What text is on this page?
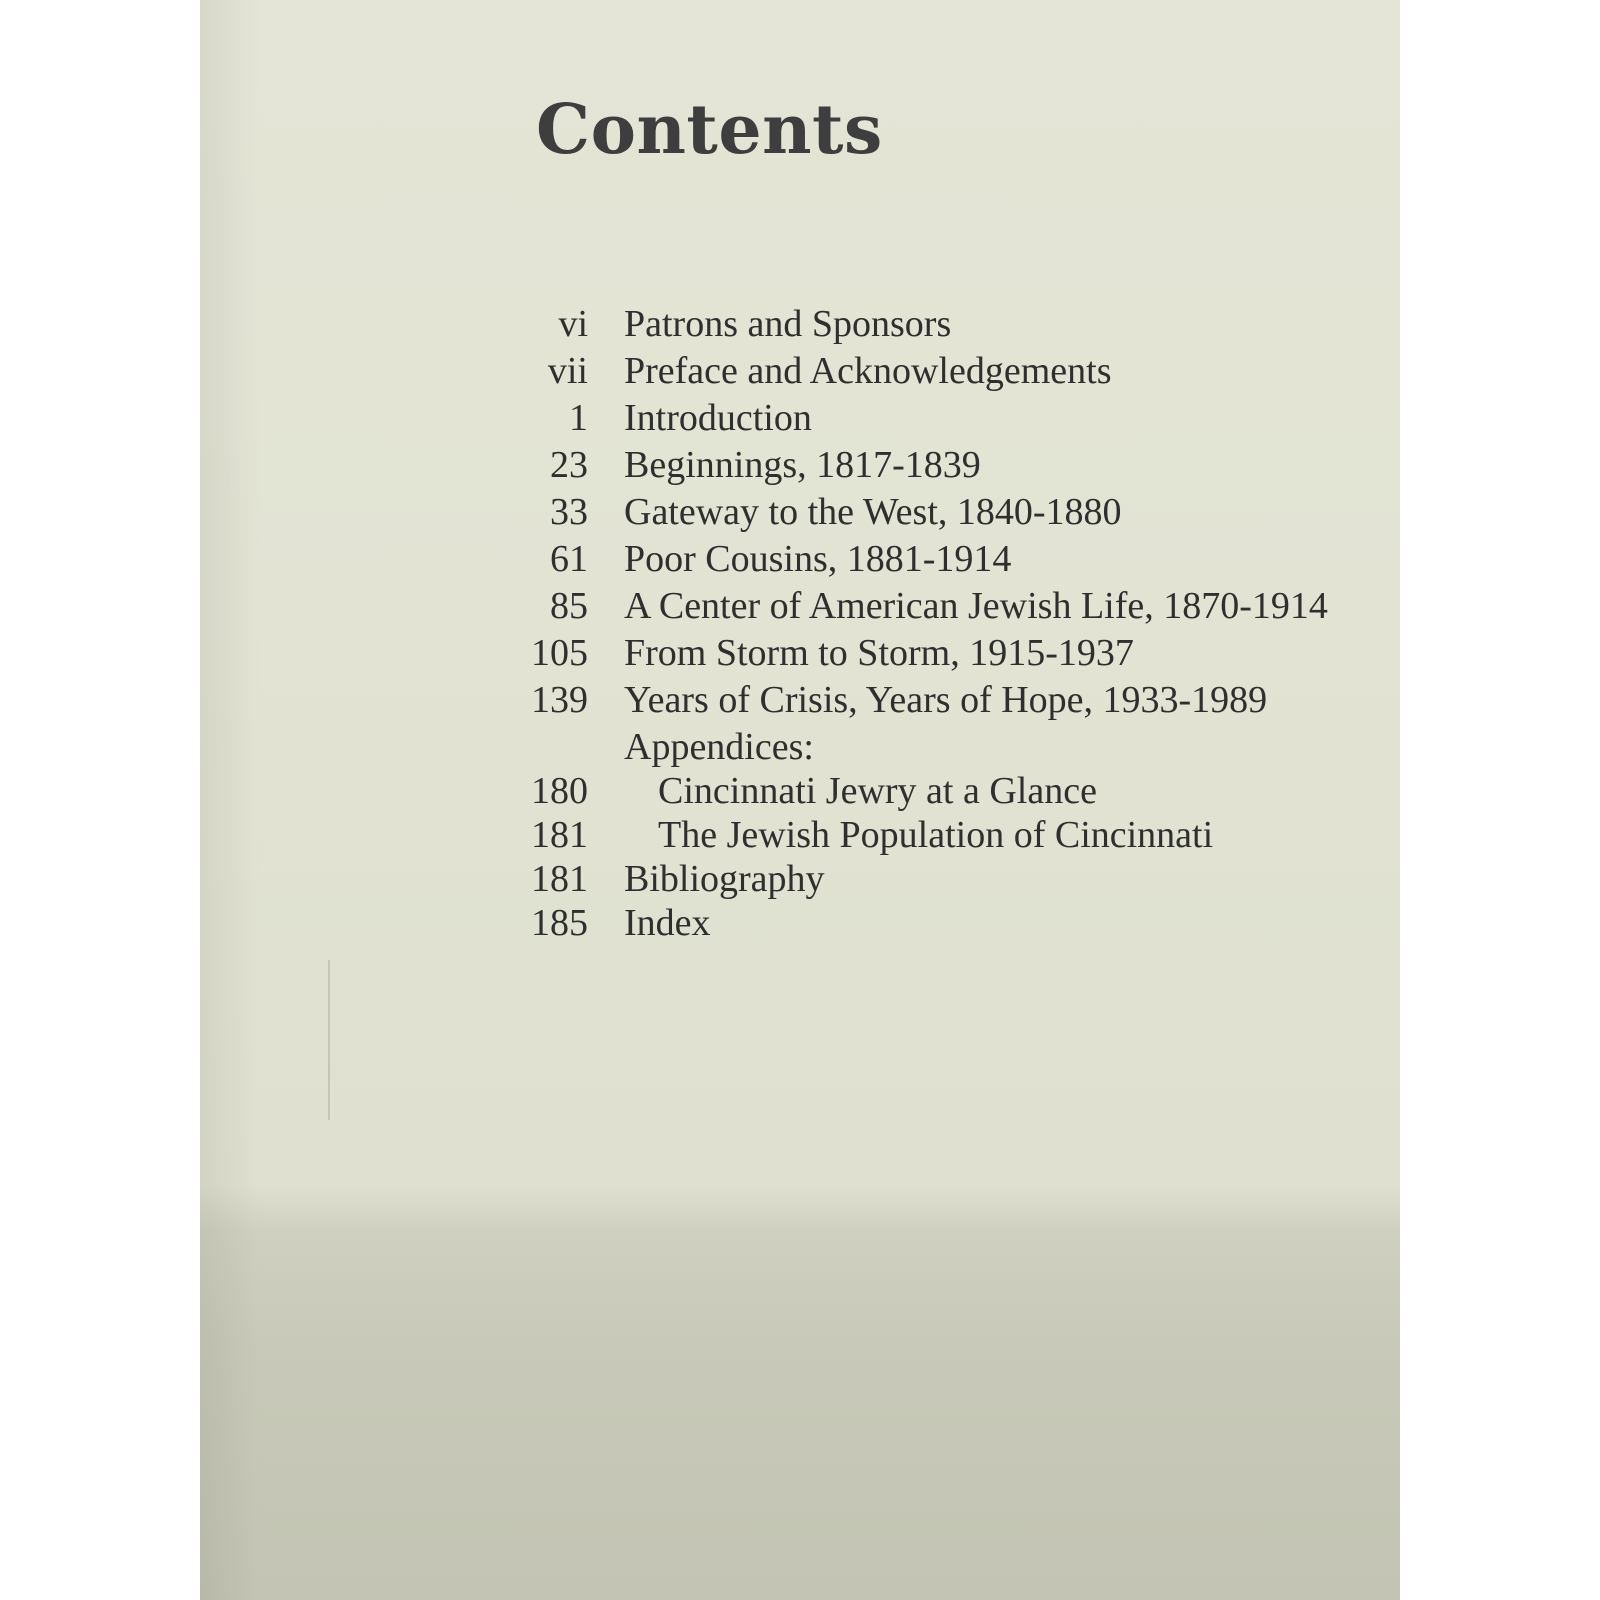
Contents
vi Patrons and Sponsors
vii Preface and Acknowledgements
1 Introduction
23 Beginnings, 1817-1839
33 Gateway to the West, 1840-1880
61 Poor Cousins, 1881-1914
85 A Center of American Jewish Life, 1870-1914
105 From Storm to Storm, 1915-1937
139 Years of Crisis, Years of Hope, 1933-1989
Appendices:
180	Cincinnati Jewry at a Glance
181	The Jewish Population of Cincinnati
181 Bibliography
185 Index
